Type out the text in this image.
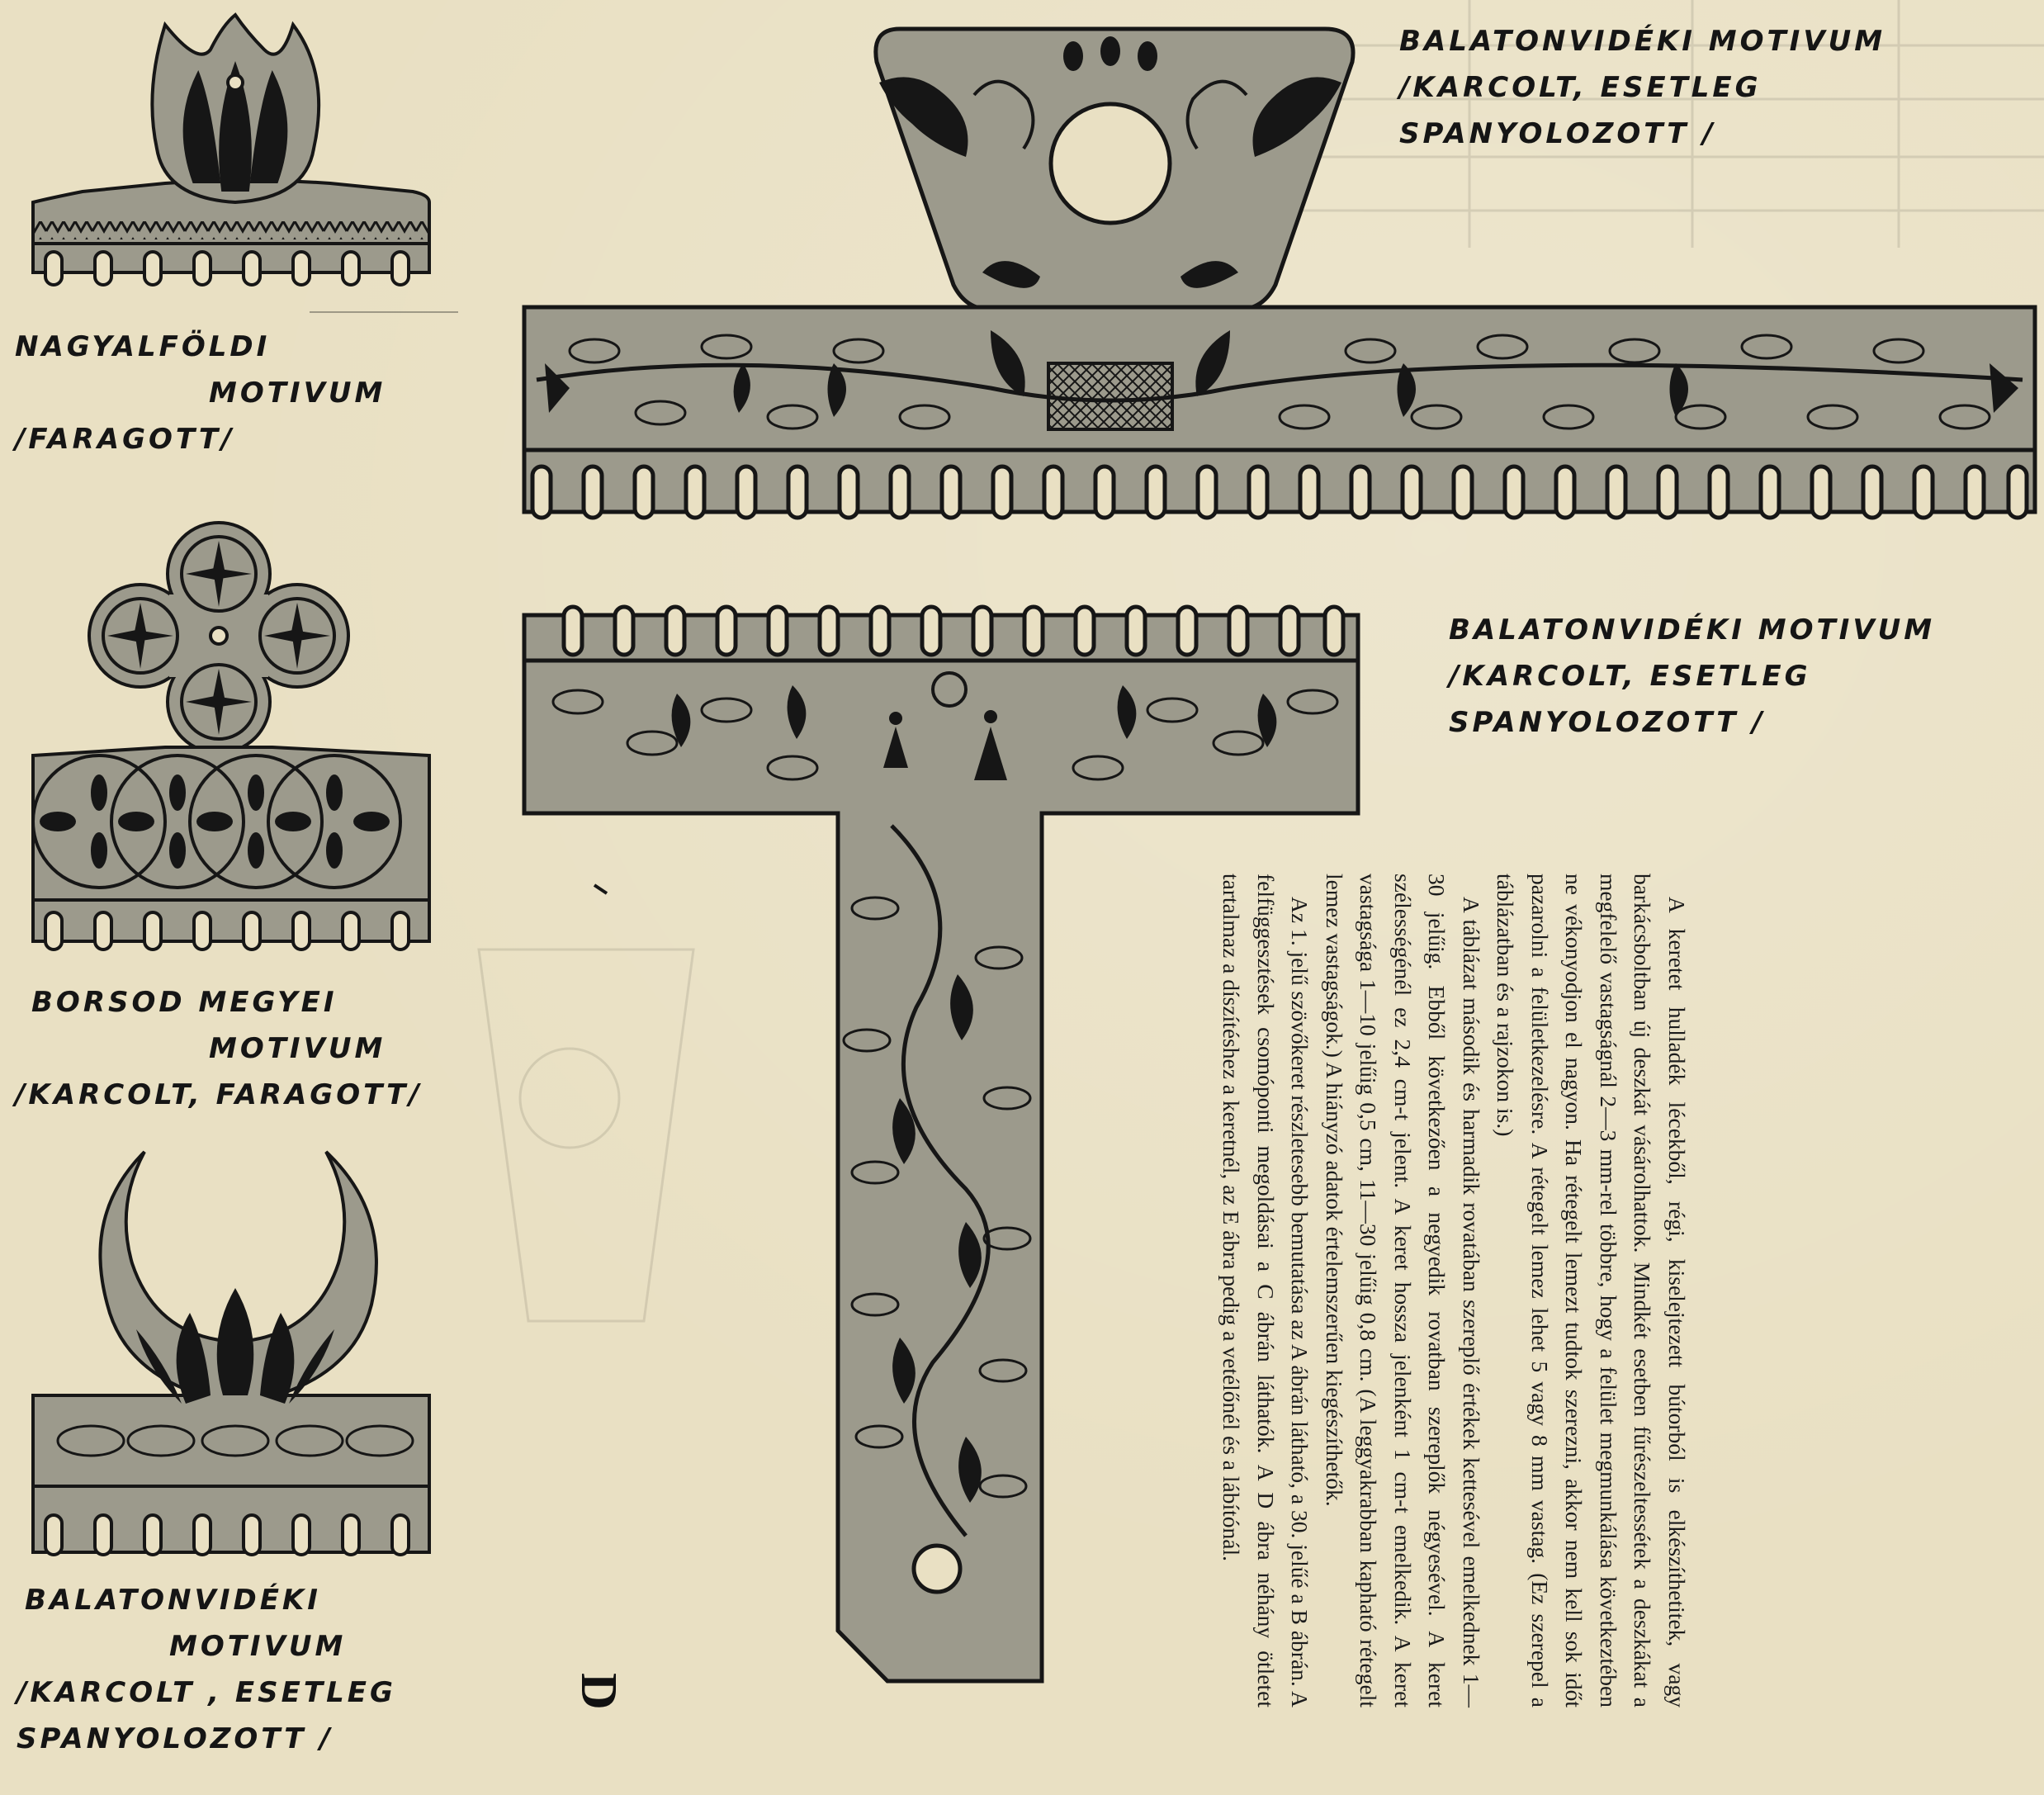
NAGYALFÖLDI
MOTIVUM
/FARAGOTT/
BORSOD MEGYEI
MOTIVUM
/KARCOLT, FARAGOTT/
BALATONVIDÉKI
MOTIVUM
/KARCOLT , ESETLEG
SPANYOLOZOTT /
BALATONVIDÉKI MOTIVUM
/KARCOLT, ESETLEG
SPANYOLOZOTT /
BALATONVIDÉKI MOTIVUM
/KARCOLT, ESETLEG
SPANYOLOZOTT /

A keretet hulladék lécekből, régi, kiselejtezett bútorból is elkészíthetitek, vagy barkácsboltban új deszkát vásárolhattok. Mindkét esetben fűrészeltessétek a deszkákat a megfelelő vastagságnál 2—3 mm-rel többre, hogy a felület megmunkálása következtében ne vékonyodjon el nagyon. Ha rétegelt lemezt tudtok szerezni, akkor nem kell sok időt pazarolni a felületkezelésre. A rétegelt lemez lehet 5 vagy 8 mm vastag. (Ez szerepel a táblázatban és a rajzokon is.)

A táblázat második és harmadik rovatában szereplő értékek kettesével emelkednek 1—30 jelűig. Ebből következően a negyedik rovatban szereplők négyesével. A keret szélességénél ez 2,4 cm-t jelent. A keret hossza jelenként 1 cm-t emelkedik. A keret vastagsága 1—10 jelűig 0,5 cm, 11—30 jelűig 0,8 cm. (A leggyakrabban kapható rétegelt lemez vastagságok.) A hiányzó adatok értelemszerűen kiegészíthetők.

Az 1. jelű szövőkeret részletesebb bemutatása az A ábrán látható, a 30. jelűé a B ábrán. A felfüggesztések csomóponti megoldásai a C ábrán láthatók. A D ábra néhány ötletet tartalmaz a díszítéshez a keretnél, az E ábra pedig a vetélőnél és a lábítónál.

D
